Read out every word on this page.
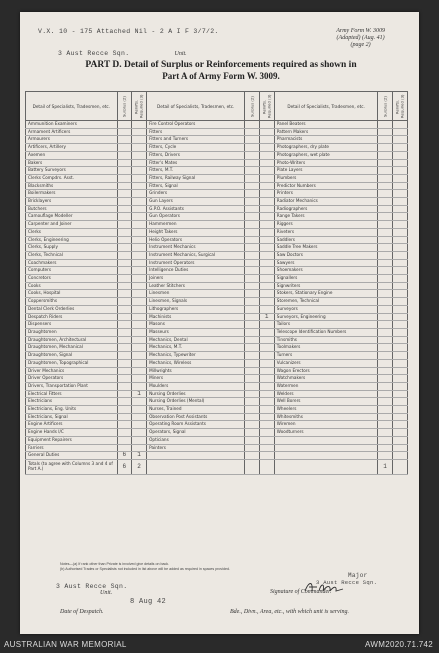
V.X. 10 - 175 Attached Nil - 2 A I F 3/7/2.	Army Form W. 3009
(Adapted) (Aug. 41)
(page 2)
3 Aust Recce Sqn.	Unit.
PART D. Detail of Surplus or Reinforcements required as shown in
Part A of Army Form W. 3009.
Detail of Specialists, Tradesmen, etc.	Surplus (2)	Reinfts. Required (3)	Detail of Specialists, Tradesmen, etc.	Surplus (2)	Reinfts. Required (3)	Detail of Specialists, Tradesmen, etc.	Surplus (2)	Reinfts. Required (3)
Ammunition Examiners			Fire Control Operators			Panel Beaters		
Armament Artificers			Fitters			Pattern Makers		
Armourers			Fitters and Turners			Pharmacists		
Artificers, Artillery			Fitters, Cycle			Photographers, dry plate		
Axemen			Fitters, Drivers			Photographers, wet plate		
Bakers			Fitter's Mates			Photo-Writers		
Battery Surveyors			Fitters, M.T.			Plate Layers		
Clerks Compdrs. Asst.			Fitters, Railway Signal			Plumbers		
Blacksmiths			Fitters, Signal			Predictor Numbers		
Boilermakers			Grinders			Printers		
Bricklayers			Gun Layers			Radiator Mechanics		
Butchers			G.P.O. Assistants			Radiographers		
Camouflage Modeller			Gun Operators			Range Takers		
Carpenter and Joiner			Hammermen			Riggers		
Clerks			Height Takers			Riveters		
Clerks, Engineering			Helio Operators			Saddlers		
Clerks, Supply			Instrument Mechanics			Saddle Tree Makers		
Clerks, Technical			Instrument Mechanics, Surgical			Saw Doctors		
Coachmakers			Instrument Operators			Sawyers		
Computers			Intelligence Duties			Shoemakers		
Concretors			Joiners			Signallers		
Cooks			Leather Stitchers			Signwriters		
Cooks, Hospital			Linesmen			Stokers, Stationary Engine		
Coppersmiths			Linesmen, Signals			Storemen, Technical		
Dental Clerk Orderlies			Lithographers			Surveyors		
Despatch Riders			Machinists		1	Surveyors, Engineering		
Dispensers			Masons			Tailors		
Draughtsmen			Masseurs			Telescope Identification Numbers		
Draughtsmen, Architectural			Mechanics, Dental			Tinsmiths		
Draughtsmen, Mechanical			Mechanics, M.T.			Toolmakers		
Draughtsmen, Signal			Mechanics, Typewriter			Turners		
Draughtsmen, Topographical			Mechanics, Wireless			Vulcanizers		
Driver Mechanics			Millwrights			Wagon Erectors		
Driver Operators			Miners			Watchmakers		
Drivers, Transportation Plant			Moulders			Watermen		
Electrical Fitters		1	Nursing Orderlies			Welders		
Electricians			Nursing Orderlies (Mental)			Well Borers		
Electricians, Eng. Units			Nurses, Trained			Wheelers		
Electricians, Signal			Observation Post Assistants			Whitesmiths		
Engine Artificers			Operating Room Assistants			Wiremen		
Engine Hands I/C			Operators, Signal			Woodturners		
Equipment Repairers			Opticians					
Farriers			Painters					
General Duties	6	1						
Totals (to agree with Columns 3 and 4 of Part A.)	6	2					1	
Notes—(a) If rank other than Private is involved give details on back.
(b) Authorised Trades or Specialists not included in list above will be added as required in spaces provided.
3 Aust Recce Sqn.
Unit.
Major
3 Aust Recce Sqn.
Signature of Commander.
8 Aug 42
Date of Despatch.	Bde., Divn., Area, etc., with which unit is serving.
AUSTRALIAN WAR MEMORIAL	AWM2020.71.742
